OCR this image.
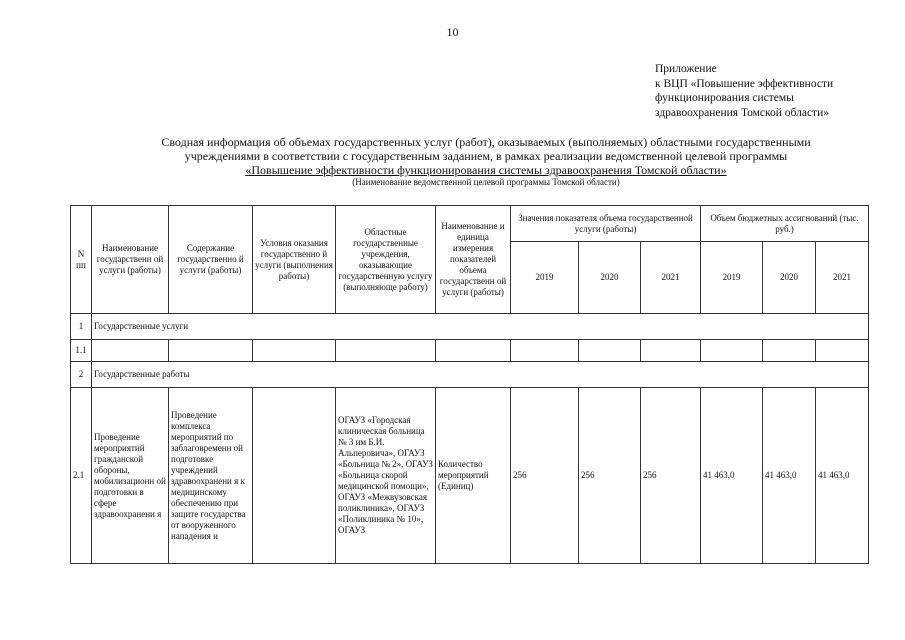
10
Приложение
к ВЦП «Повышение эффективности
функционирования системы
здравоохранения Томской области»
Сводная информация об объемах государственных услуг (работ), оказываемых (выполняемых) областными государственными
учреждениями в соответствии с государственным заданием, в рамках реализации ведомственной целевой программы
«Повышение эффективности функционирования системы здравоохранения Томской области»
(Наименование ведомственной целевой программы Томской области)
N пп	Наименование государственн ой услуги (работы)	Содержание государственно й услуги (работы)	Условия оказания государственно й услуги (выполнения работы)	Областные государственные учреждения, оказывающие государственную услугу (выполняюще работу)	Наименование и единица измерения показателей объема государственн ой услуги (работы)	Значения показателя объема государственной услуги (работы)			Объем бюджетных ассигнований (тыс. руб.)		
						2019	2020	2021	2019	2020	2021
1	Государственные услуги										
1.1											
2	Государственные работы										
2.1	Проведение мероприятий гражданской обороны, мобилизационн ой подготовки в сфере здравоохранени я	Проведение комплекса мероприятий по заблаговременн ой подготовке учреждений здравоохранени я к медицинскому обеспечению при защите государства от вооруженного нападения и		ОГАУЗ «Городская клиническая больница № 3 им Б.И. Альперовича», ОГАУЗ «Больница № 2», ОГАУЗ «Больница скорой медицинской помощи», ОГАУЗ «Межвузовская поликлиника», ОГАУЗ «Поликлиника № 10», ОГАУЗ	Количество мероприятий (Единиц)	256	256	256	41 463,0	41 463,0	41 463,0
